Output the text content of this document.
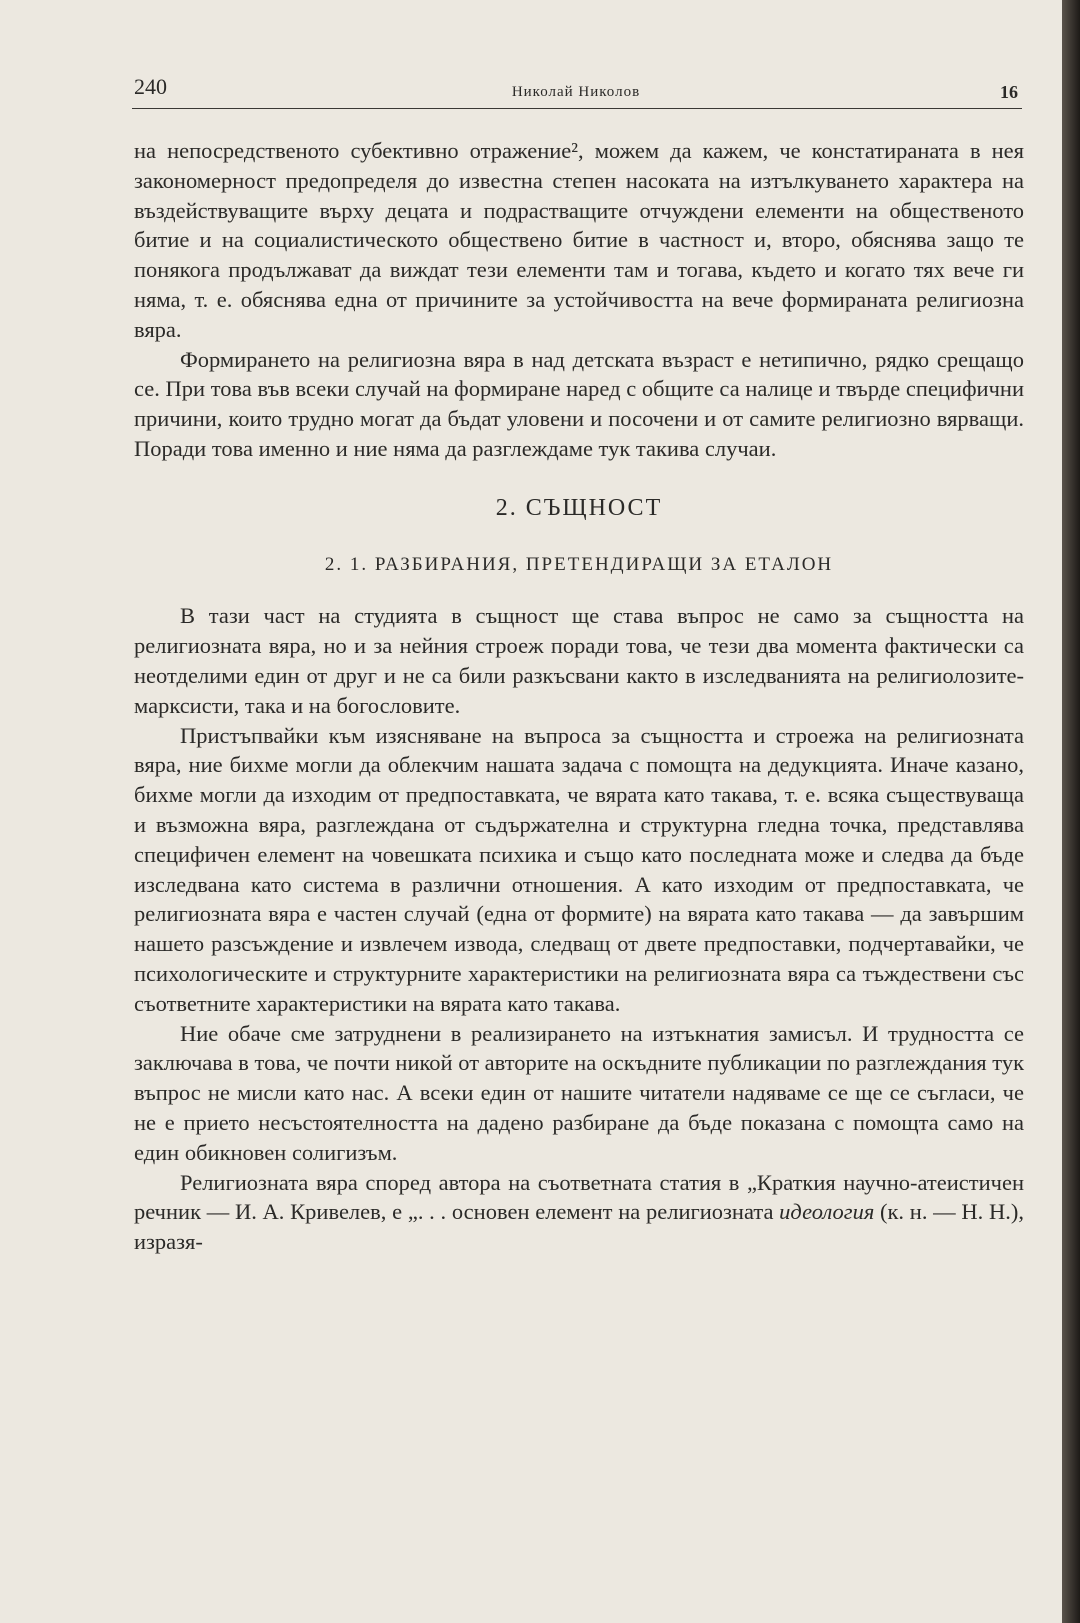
240	Николай Николов	16

на непосредственото субективно отражение², можем да кажем, че констатираната в нея закономерност предопределя до известна степен насоката на изтълкуването характера на въздействуващите върху децата и подрастващите отчуждени елементи на общественото битие и на социалистическото обществено битие в частност и, второ, обяснява защо те понякога продължават да виждат тези елементи там и тогава, където и когато тях вече ги няма, т. е. обяснява една от причините за устойчивостта на вече формираната религиозна вяра.

Формирането на религиозна вяра в над детската възраст е нетипично, рядко срещащо се. При това във всеки случай на формиране наред с общите са налице и твърде специфични причини, които трудно могат да бъдат уловени и посочени и от самите религиозно вярващи. Поради това именно и ние няма да разглеждаме тук такива случаи.

2. СЪЩНОСТ
2. 1. РАЗБИРАНИЯ, ПРЕТЕНДИРАЩИ ЗА ЕТАЛОН

В тази част на студията в същност ще става въпрос не само за същността на религиозната вяра, но и за нейния строеж поради това, че тези два момента фактически са неотделими един от друг и не са били разкъсвани както в изследванията на религиолозите-марксисти, така и на богословите.

Пристъпвайки към изясняване на въпроса за същността и строежа на религиозната вяра, ние бихме могли да облекчим нашата задача с помощта на дедукцията. Иначе казано, бихме могли да изходим от предпоставката, че вярата като такава, т. е. всяка съществуваща и възможна вяра, разглеждана от съдържателна и структурна гледна точка, представлява специфичен елемент на човешката психика и също като последната може и следва да бъде изследвана като система в различни отношения. А като изходим от предпоставката, че религиозната вяра е частен случай (една от формите) на вярата като такава — да завършим нашето разсъждение и извлечем извода, следващ от двете предпоставки, подчертавайки, че психологическите и структурните характеристики на религиозната вяра са тъждествени със съответните характеристики на вярата като такава.

Ние обаче сме затруднени в реализирането на изтъкнатия замисъл. И трудността се заключава в това, че почти никой от авторите на оскъдните публикации по разглеждания тук въпрос не мисли като нас. А всеки един от нашите читатели надяваме се ще се съгласи, че не е прието несъстоятелността на дадено разбиране да бъде показана с помощта само на един обикновен солигизъм.

Религиозната вяра според автора на съответната статия в „Краткия научно-атеистичен речник — И. А. Кривелев, е „. . . основен елемент на религиозната идеология (к. н. — Н. Н.), изразя-
